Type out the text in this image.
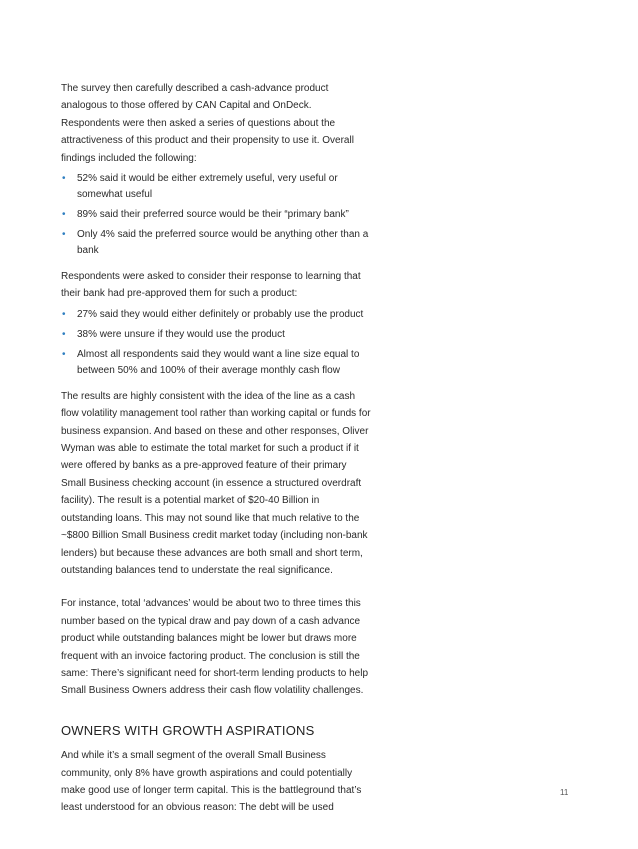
The survey then carefully described a cash-advance product analogous to those offered by CAN Capital and OnDeck. Respondents were then asked a series of questions about the attractiveness of this product and their propensity to use it. Overall findings included the following:

• 52% said it would be either extremely useful, very useful or somewhat useful
• 89% said their preferred source would be their “primary bank”
• Only 4% said the preferred source would be anything other than a bank

Respondents were asked to consider their response to learning that their bank had pre-approved them for such a product:

• 27% said they would either definitely or probably use the product
• 38% were unsure if they would use the product
• Almost all respondents said they would want a line size equal to between 50% and 100% of their average monthly cash flow

The results are highly consistent with the idea of the line as a cash flow volatility management tool rather than working capital or funds for business expansion. And based on these and other responses, Oliver Wyman was able to estimate the total market for such a product if it were offered by banks as a pre-approved feature of their primary Small Business checking account (in essence a structured overdraft facility). The result is a potential market of $20-40 Billion in outstanding loans. This may not sound like that much relative to the ~$800 Billion Small Business credit market today (including non-bank lenders) but because these advances are both small and short term, outstanding balances tend to understate the real significance.

For instance, total ‘advances’ would be about two to three times this number based on the typical draw and pay down of a cash advance product while outstanding balances might be lower but draws more frequent with an invoice factoring product. The conclusion is still the same: There’s significant need for short-term lending products to help Small Business Owners address their cash flow volatility challenges.

OWNERS WITH GROWTH ASPIRATIONS

And while it’s a small segment of the overall Small Business community, only 8% have growth aspirations and could potentially make good use of longer term capital. This is the battleground that’s least understood for an obvious reason: The debt will be used

11
